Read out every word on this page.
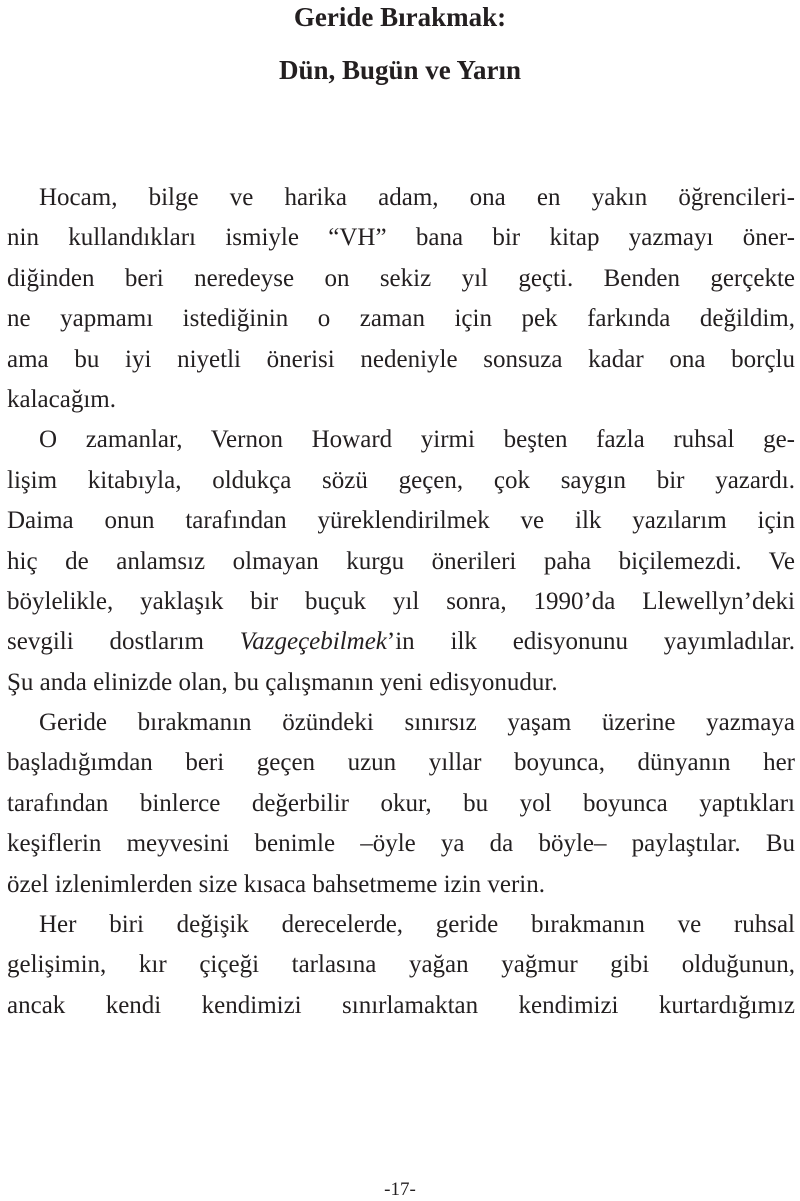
Geride Bırakmak:
Dün, Bugün ve Yarın
Hocam, bilge ve harika adam, ona en yakın öğrencileri-
nin kullandıkları ismiyle “VH” bana bir kitap yazmayı öner-
diğinden beri neredeyse on sekiz yıl geçti. Benden gerçekte
ne yapmamı istediğinin o zaman için pek farkında değildim,
ama bu iyi niyetli önerisi nedeniyle sonsuza kadar ona borçlu
kalacağım.
O zamanlar, Vernon Howard yirmi beşten fazla ruhsal ge-
lişim kitabıyla, oldukça sözü geçen, çok saygın bir yazardı.
Daima onun tarafından yüreklendirilmek ve ilk yazılarım için
hiç de anlamsız olmayan kurgu önerileri paha biçilemezdi. Ve
böylelikle, yaklaşık bir buçuk yıl sonra, 1990’da Llewellyn’deki
sevgili dostlarım Vazgeçebilmek’in ilk edisyonunu yayımladılar.
Şu anda elinizde olan, bu çalışmanın yeni edisyonudur.
Geride bırakmanın özündeki sınırsız yaşam üzerine yazmaya
başladığımdan beri geçen uzun yıllar boyunca, dünyanın her
tarafından binlerce değerbilir okur, bu yol boyunca yaptıkları
keşiflerin meyvesini benimle –öyle ya da böyle– paylaştılar. Bu
özel izlenimlerden size kısaca bahsetmeme izin verin.
Her biri değişik derecelerde, geride bırakmanın ve ruhsal
gelişimin, kır çiçeği tarlasına yağan yağmur gibi olduğunun,
ancak kendi kendimizi sınırlamaktan kendimizi kurtardığımız
-17-
